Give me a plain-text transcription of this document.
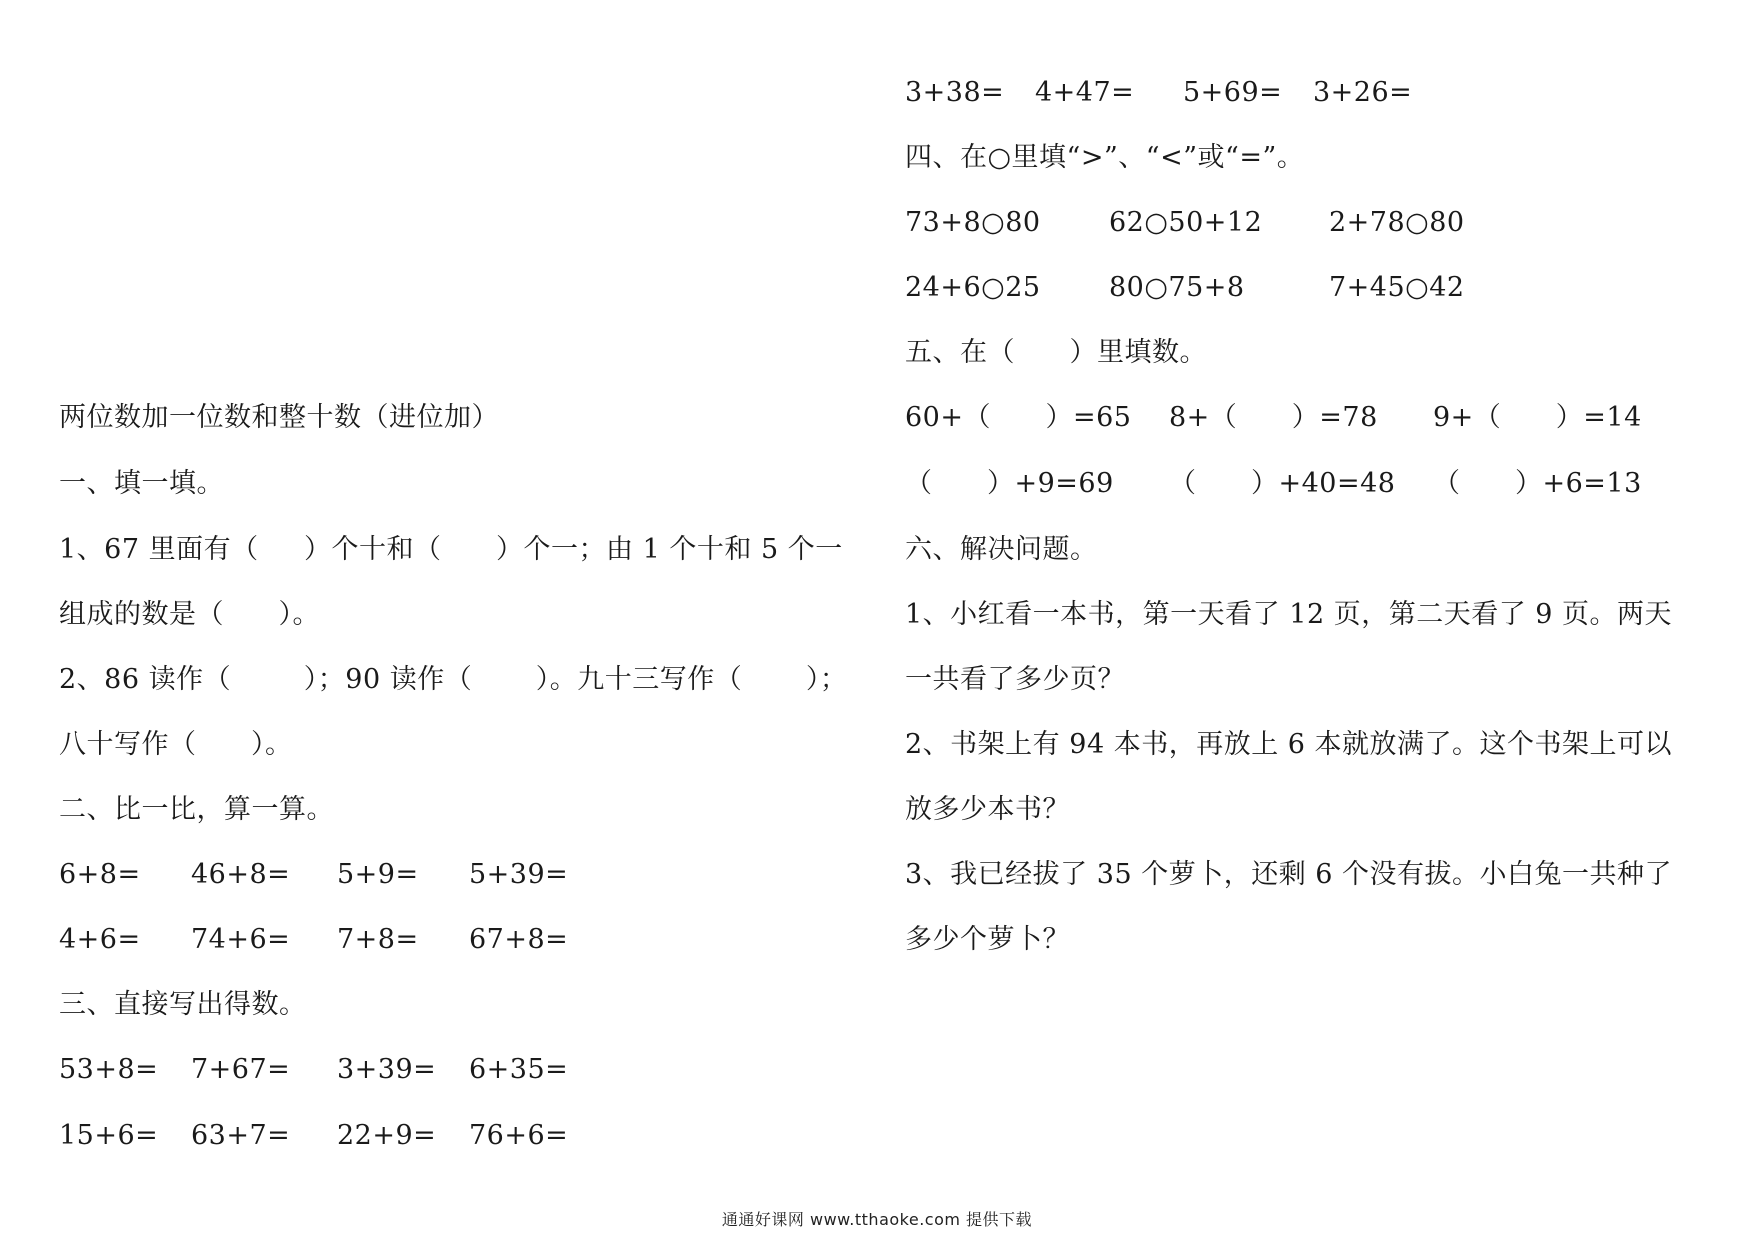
两位数加一位数和整十数（进位加）
一、填一填。
1、67 里面有（     ）个十和（      ）个一；由 1 个十和 5 个一
组成的数是（      ）。
2、86 读作（        ）；90 读作（       ）。九十三写作（       ）；
八十写作（      ）。
二、比一比，算一算。
6+8= 46+8= 5+9= 5+39=
4+6= 74+6= 7+8= 67+8=
三、直接写出得数。
53+8= 7+67= 3+39= 6+35=
15+6= 63+7= 22+9= 76+6=
3+38= 4+47= 5+69= 3+26=
四、在○里填“>”、“<”或“=”。
73+8○80	62○50+12 2+78○80
24+6○25	80○75+8	7+45○42
五、在（      ）里填数。
60+（      ）=65 8+（      ）=78 9+（      ）=14
（      ）+9=69 （      ）+40=48 （      ）+6=13
六、解决问题。
1、小红看一本书，第一天看了 12 页，第二天看了 9 页。两天
一共看了多少页？
2、书架上有 94 本书，再放上 6 本就放满了。这个书架上可以
放多少本书？
3、我已经拔了 35 个萝卜，还剩 6 个没有拔。小白兔一共种了
多少个萝卜？
通通好课网 www.tthaoke.com 提供下载
